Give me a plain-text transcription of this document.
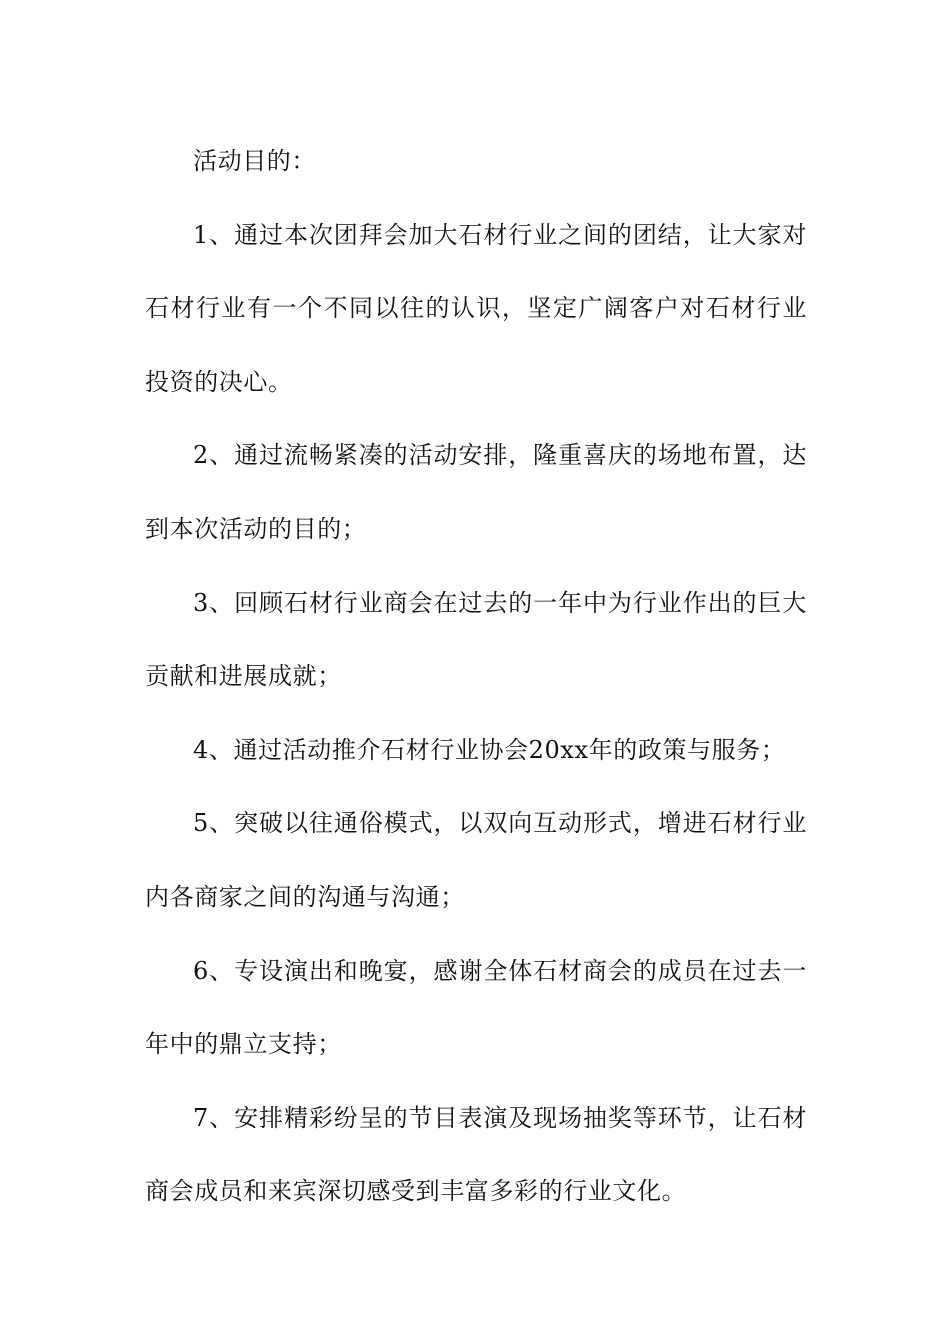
活动目的：

1、通过本次团拜会加大石材行业之间的团结，让大家对石材行业有一个不同以往的认识，坚定广阔客户对石材行业投资的决心。

2、通过流畅紧凑的活动安排，隆重喜庆的场地布置，达到本次活动的目的；

3、回顾石材行业商会在过去的一年中为行业作出的巨大贡献和进展成就；

4、通过活动推介石材行业协会20xx年的政策与服务；

5、突破以往通俗模式，以双向互动形式，增进石材行业内各商家之间的沟通与沟通；

6、专设演出和晚宴，感谢全体石材商会的成员在过去一年中的鼎立支持；

7、安排精彩纷呈的节目表演及现场抽奖等环节，让石材商会成员和来宾深切感受到丰富多彩的行业文化。
